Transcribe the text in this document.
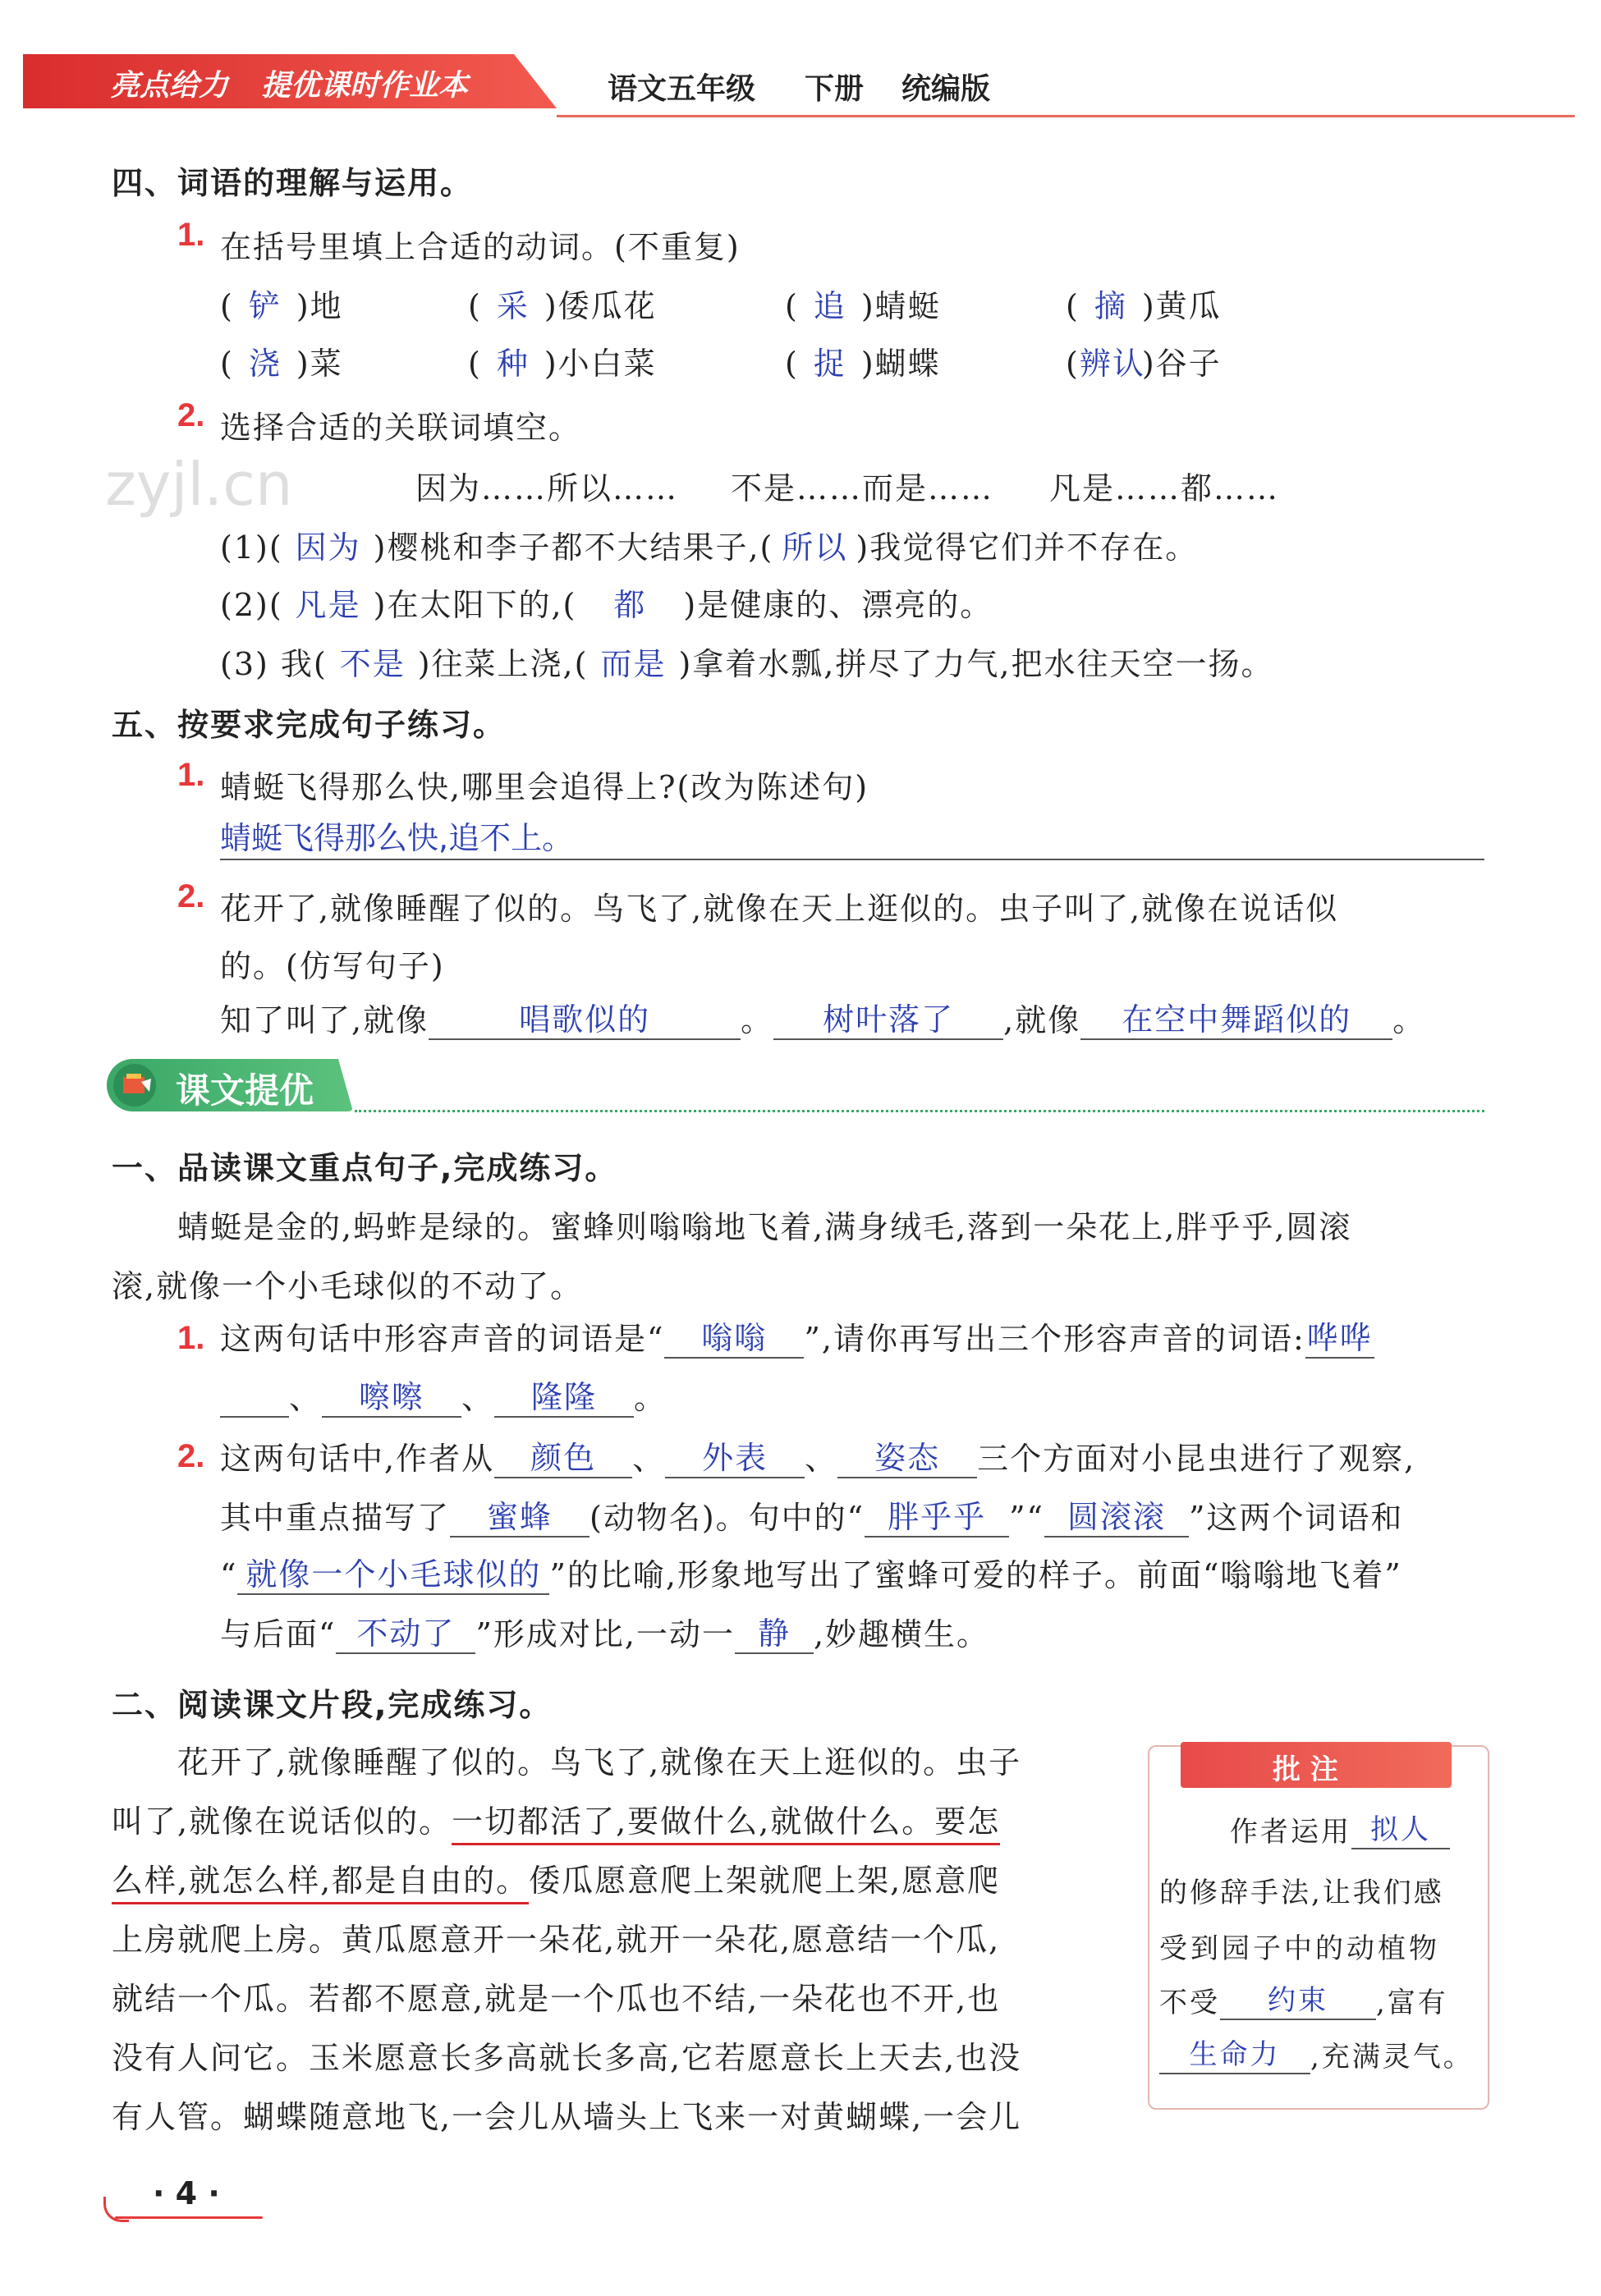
亮点给力 提优课时作业本	语文五年级 下册 统编版
zyjl.cn
四、词语的理解与运用。
1. 在括号里填上合适的动词。(不重复)
( 铲 )地	( 采 )倭瓜花	( 追 )蜻蜓	( 摘 )黄瓜
( 浇 )菜	( 种 )小白菜	( 捉 )蝴蝶	(辨认)谷子
2. 选择合适的关联词填空。
因为……所以…… 不是……而是…… 凡是……都……
(1)( 因为 )樱桃和李子都不大结果子,( 所以 )我觉得它们并不存在。
(2)( 凡是 )在太阳下的,( 都 )是健康的、漂亮的。
(3) 我( 不是 )往菜上浇,( 而是 )拿着水瓢,拼尽了力气,把水往天空一扬。
五、按要求完成句子练习。
1. 蜻蜓飞得那么快,哪里会追得上?(改为陈述句)
蜻蜓飞得那么快,追不上。
2. 花开了,就像睡醒了似的。鸟飞了,就像在天上逛似的。虫子叫了,就像在说话似
的。(仿写句子)
知了叫了,就像	唱歌似的	。 树叶落了 ,就像 在空中舞蹈似的 。
课文提优
一、品读课文重点句子,完成练习。
蜻蜓是金的,蚂蚱是绿的。蜜蜂则嗡嗡地飞着,满身绒毛,落到一朵花上,胖乎乎,圆滚
滚,就像一个小毛球似的不动了。
1. 这两句话中形容声音的词语是“ 嗡嗡 ”,请你再写出三个形容声音的词语:哗哗
、 嚓嚓 、 隆隆 。
2. 这两句话中,作者从 颜色 、 外表 、 姿态 三个方面对小昆虫进行了观察,
其中重点描写了 蜜蜂 (动物名)。句中的“ 胖乎乎 ”“ 圆滚滚 ”这两个词语和
“ 就像一个小毛球似的 ”的比喻,形象地写出了蜜蜂可爱的样子。前面“嗡嗡地飞着”
与后面“ 不动了 ”形成对比,一动一 静 ,妙趣横生。
二、阅读课文片段,完成练习。
花开了,就像睡醒了似的。鸟飞了,就像在天上逛似的。虫子
叫了,就像在说话似的。一切都活了,要做什么,就做什么。要怎
么样,就怎么样,都是自由的。倭瓜愿意爬上架就爬上架,愿意爬
上房就爬上房。黄瓜愿意开一朵花,就开一朵花,愿意结一个瓜,
就结一个瓜。若都不愿意,就是一个瓜也不结,一朵花也不开,也
没有人问它。玉米愿意长多高就长多高,它若愿意长上天去,也没
有人管。蝴蝶随意地飞,一会儿从墙头上飞来一对黄蝴蝶,一会儿
批 注
作者运用 拟人
的修辞手法,让我们感
受到园子中的动植物
不受 约束 ,富有
生命力 ,充满灵气。
· 4 ·
